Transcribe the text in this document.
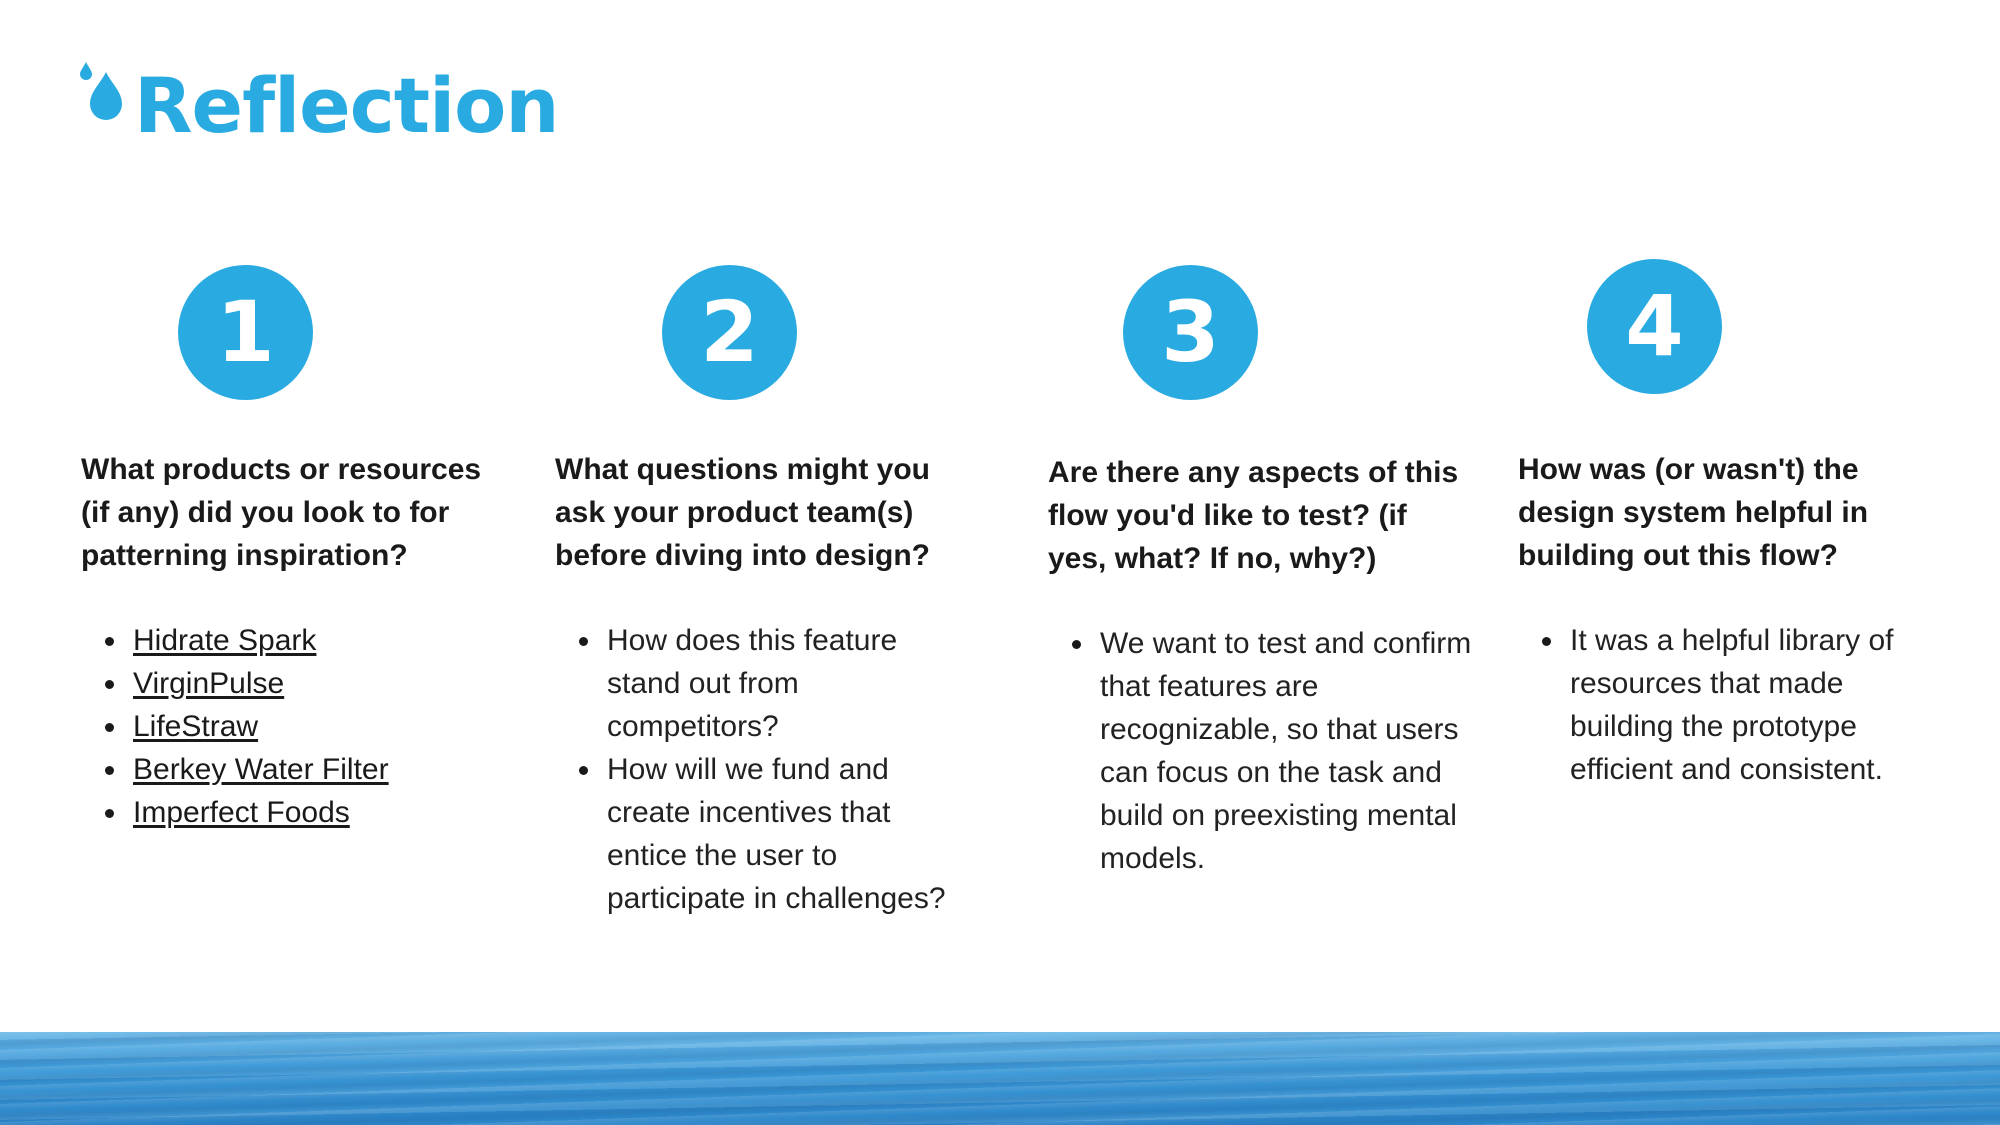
Reflection
1

What products or resources (if any) did you look to for patterning inspiration?

Hidrate Spark
VirginPulse
LifeStraw
Berkey Water Filter
Imperfect Foods
2

What questions might you ask your product team(s) before diving into design?

How does this feature stand out from competitors?
How will we fund and create incentives that entice the user to participate in challenges?
3

Are there any aspects of this flow you'd like to test? (if yes, what? If no, why?)

We want to test and confirm that features are recognizable, so that users can focus on the task and build on preexisting mental models.
4

How was (or wasn't) the design system helpful in building out this flow?

It was a helpful library of resources that made building the prototype efficient and consistent.
